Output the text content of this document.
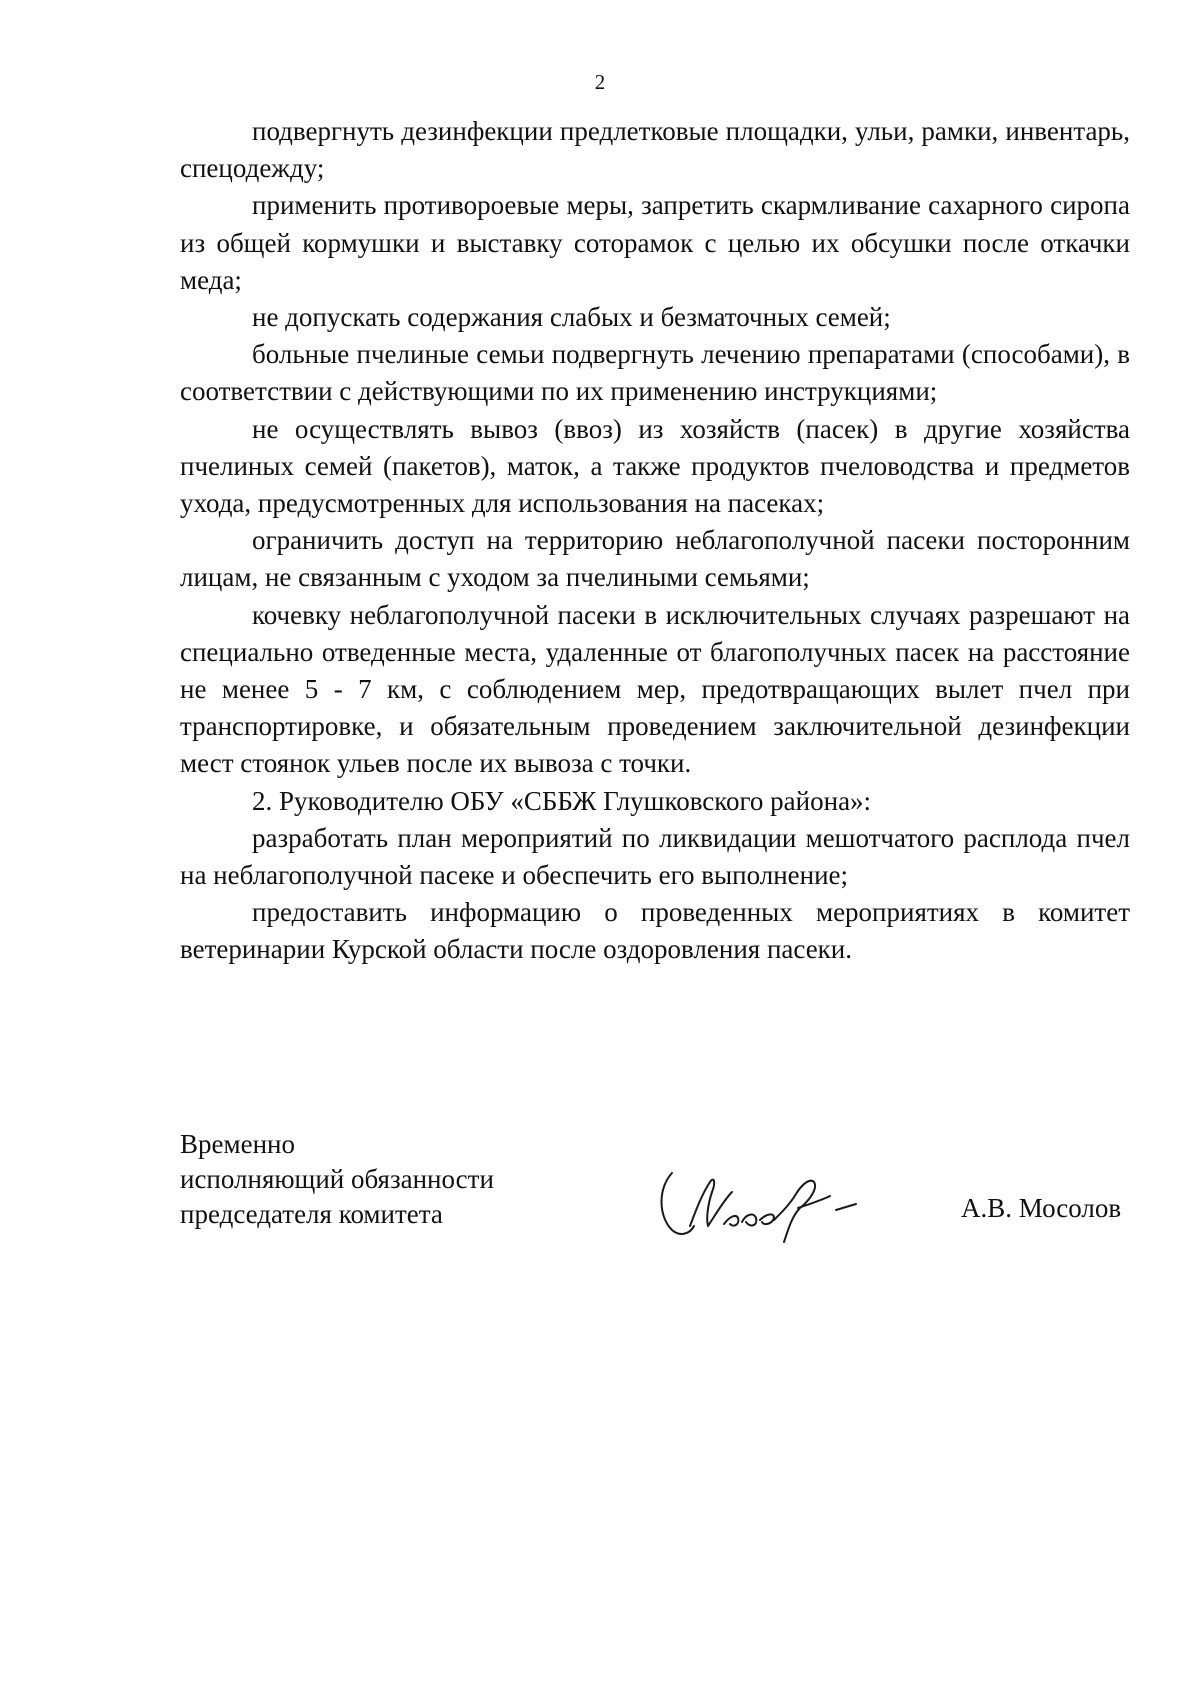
2

подвергнуть дезинфекции предлетковые площадки, ульи, рамки, инвентарь, спецодежду;

применить противороевые меры, запретить скармливание сахарного сиропа из общей кормушки и выставку соторамок с целью их обсушки после откачки меда;

не допускать содержания слабых и безматочных семей;

больные пчелиные семьи подвергнуть лечению препаратами (способами), в соответствии с действующими по их применению инструкциями;

не осуществлять вывоз (ввоз) из хозяйств (пасек) в другие хозяйства пчелиных семей (пакетов), маток, а также продуктов пчеловодства и предметов ухода, предусмотренных для использования на пасеках;

ограничить доступ на территорию неблагополучной пасеки посторонним лицам, не связанным с уходом за пчелиными семьями;

кочевку неблагополучной пасеки в исключительных случаях разрешают на специально отведенные места, удаленные от благополучных пасек на расстояние не менее 5 - 7 км, с соблюдением мер, предотвращающих вылет пчел при транспортировке, и обязательным проведением заключительной дезинфекции мест стоянок ульев после их вывоза с точки.

2. Руководителю ОБУ «СББЖ Глушковского района»:

разработать план мероприятий по ликвидации мешотчатого расплода пчел на неблагополучной пасеке и обеспечить его выполнение;

предоставить информацию о проведенных мероприятиях в комитет ветеринарии Курской области после оздоровления пасеки.

Временно
исполняющий обязанности
председателя комитета	А.В. Мосолов
